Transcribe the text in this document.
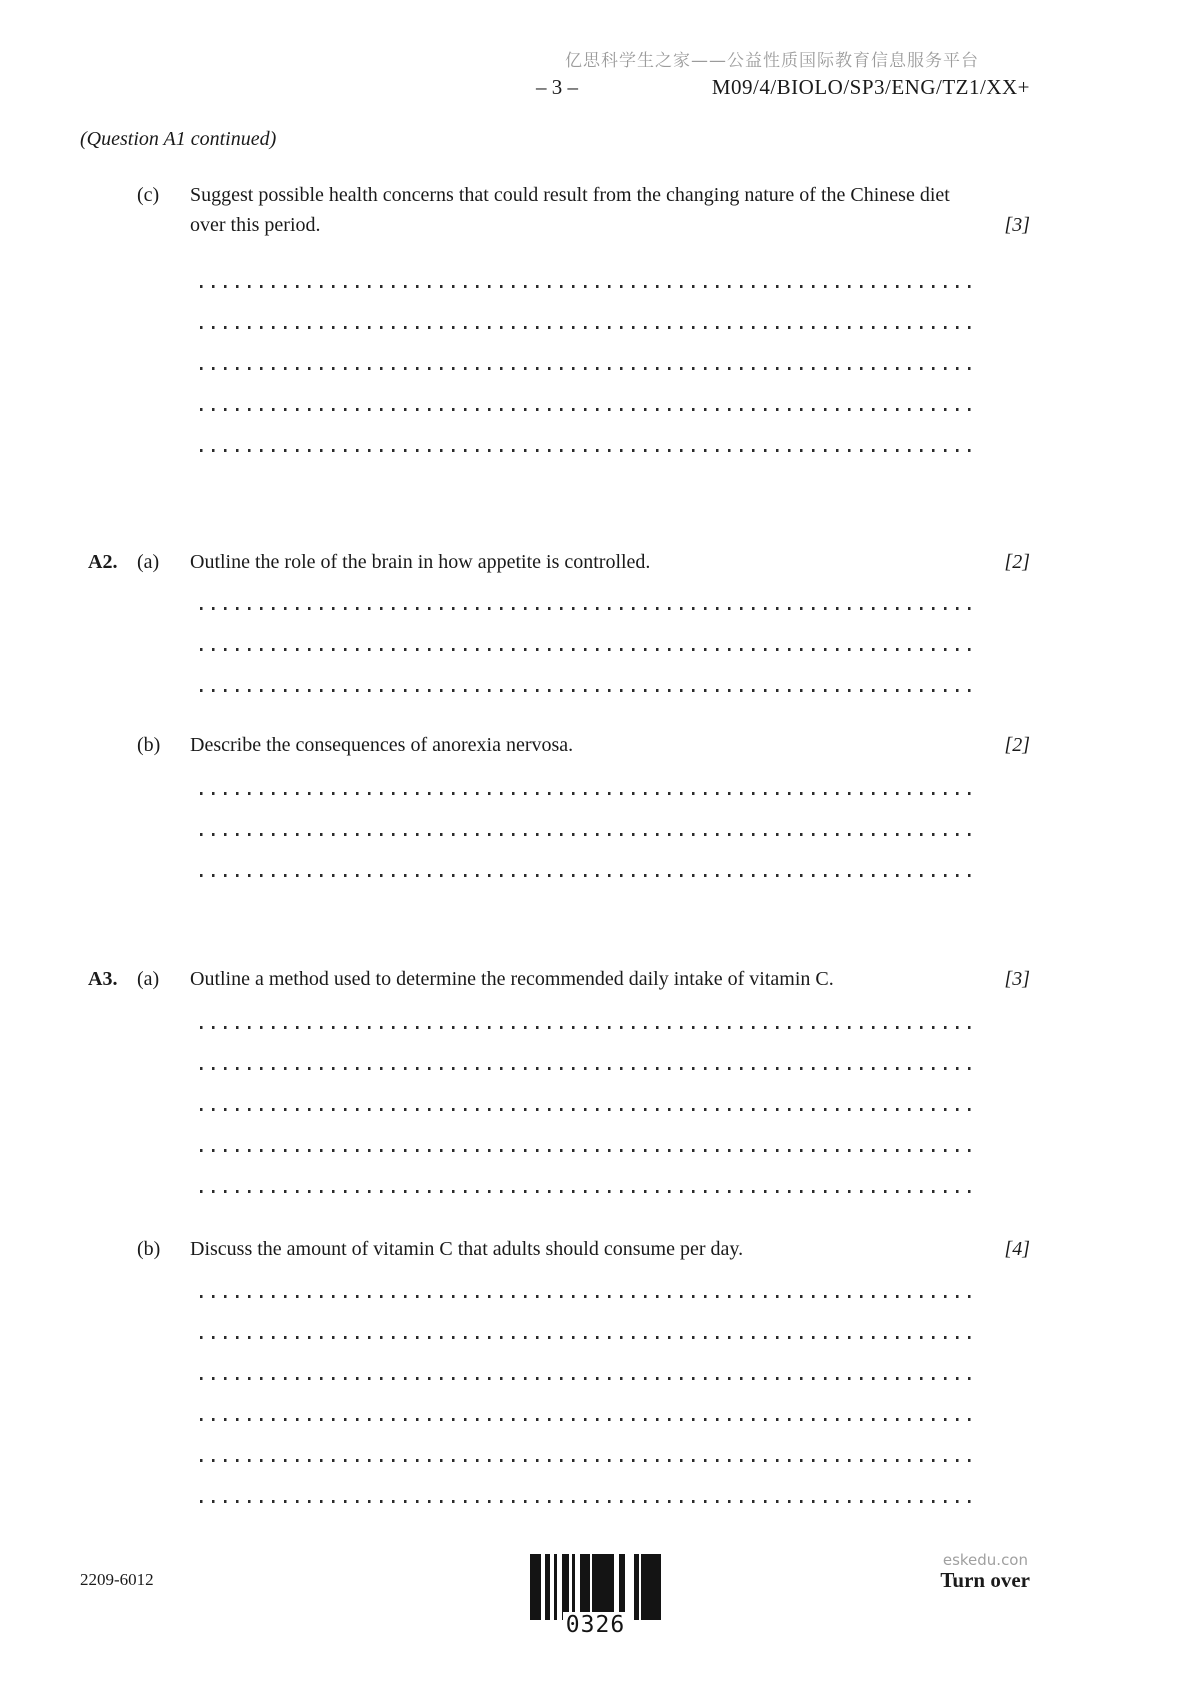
亿思科学生之家——公益性质国际教育信息服务平台
– 3 –	M09/4/BIOLO/SP3/ENG/TZ1/XX+
(Question A1 continued)
(c) Suggest possible health concerns that could result from the changing nature of the Chinese diet over this period.	[3]
A2. (a) Outline the role of the brain in how appetite is controlled.	[2]
(b) Describe the consequences of anorexia nervosa.	[2]
A3. (a) Outline a method used to determine the recommended daily intake of vitamin C.	[3]
(b) Discuss the amount of vitamin C that adults should consume per day.	[4]
2209-6012
0326
eskedu.con
Turn over
